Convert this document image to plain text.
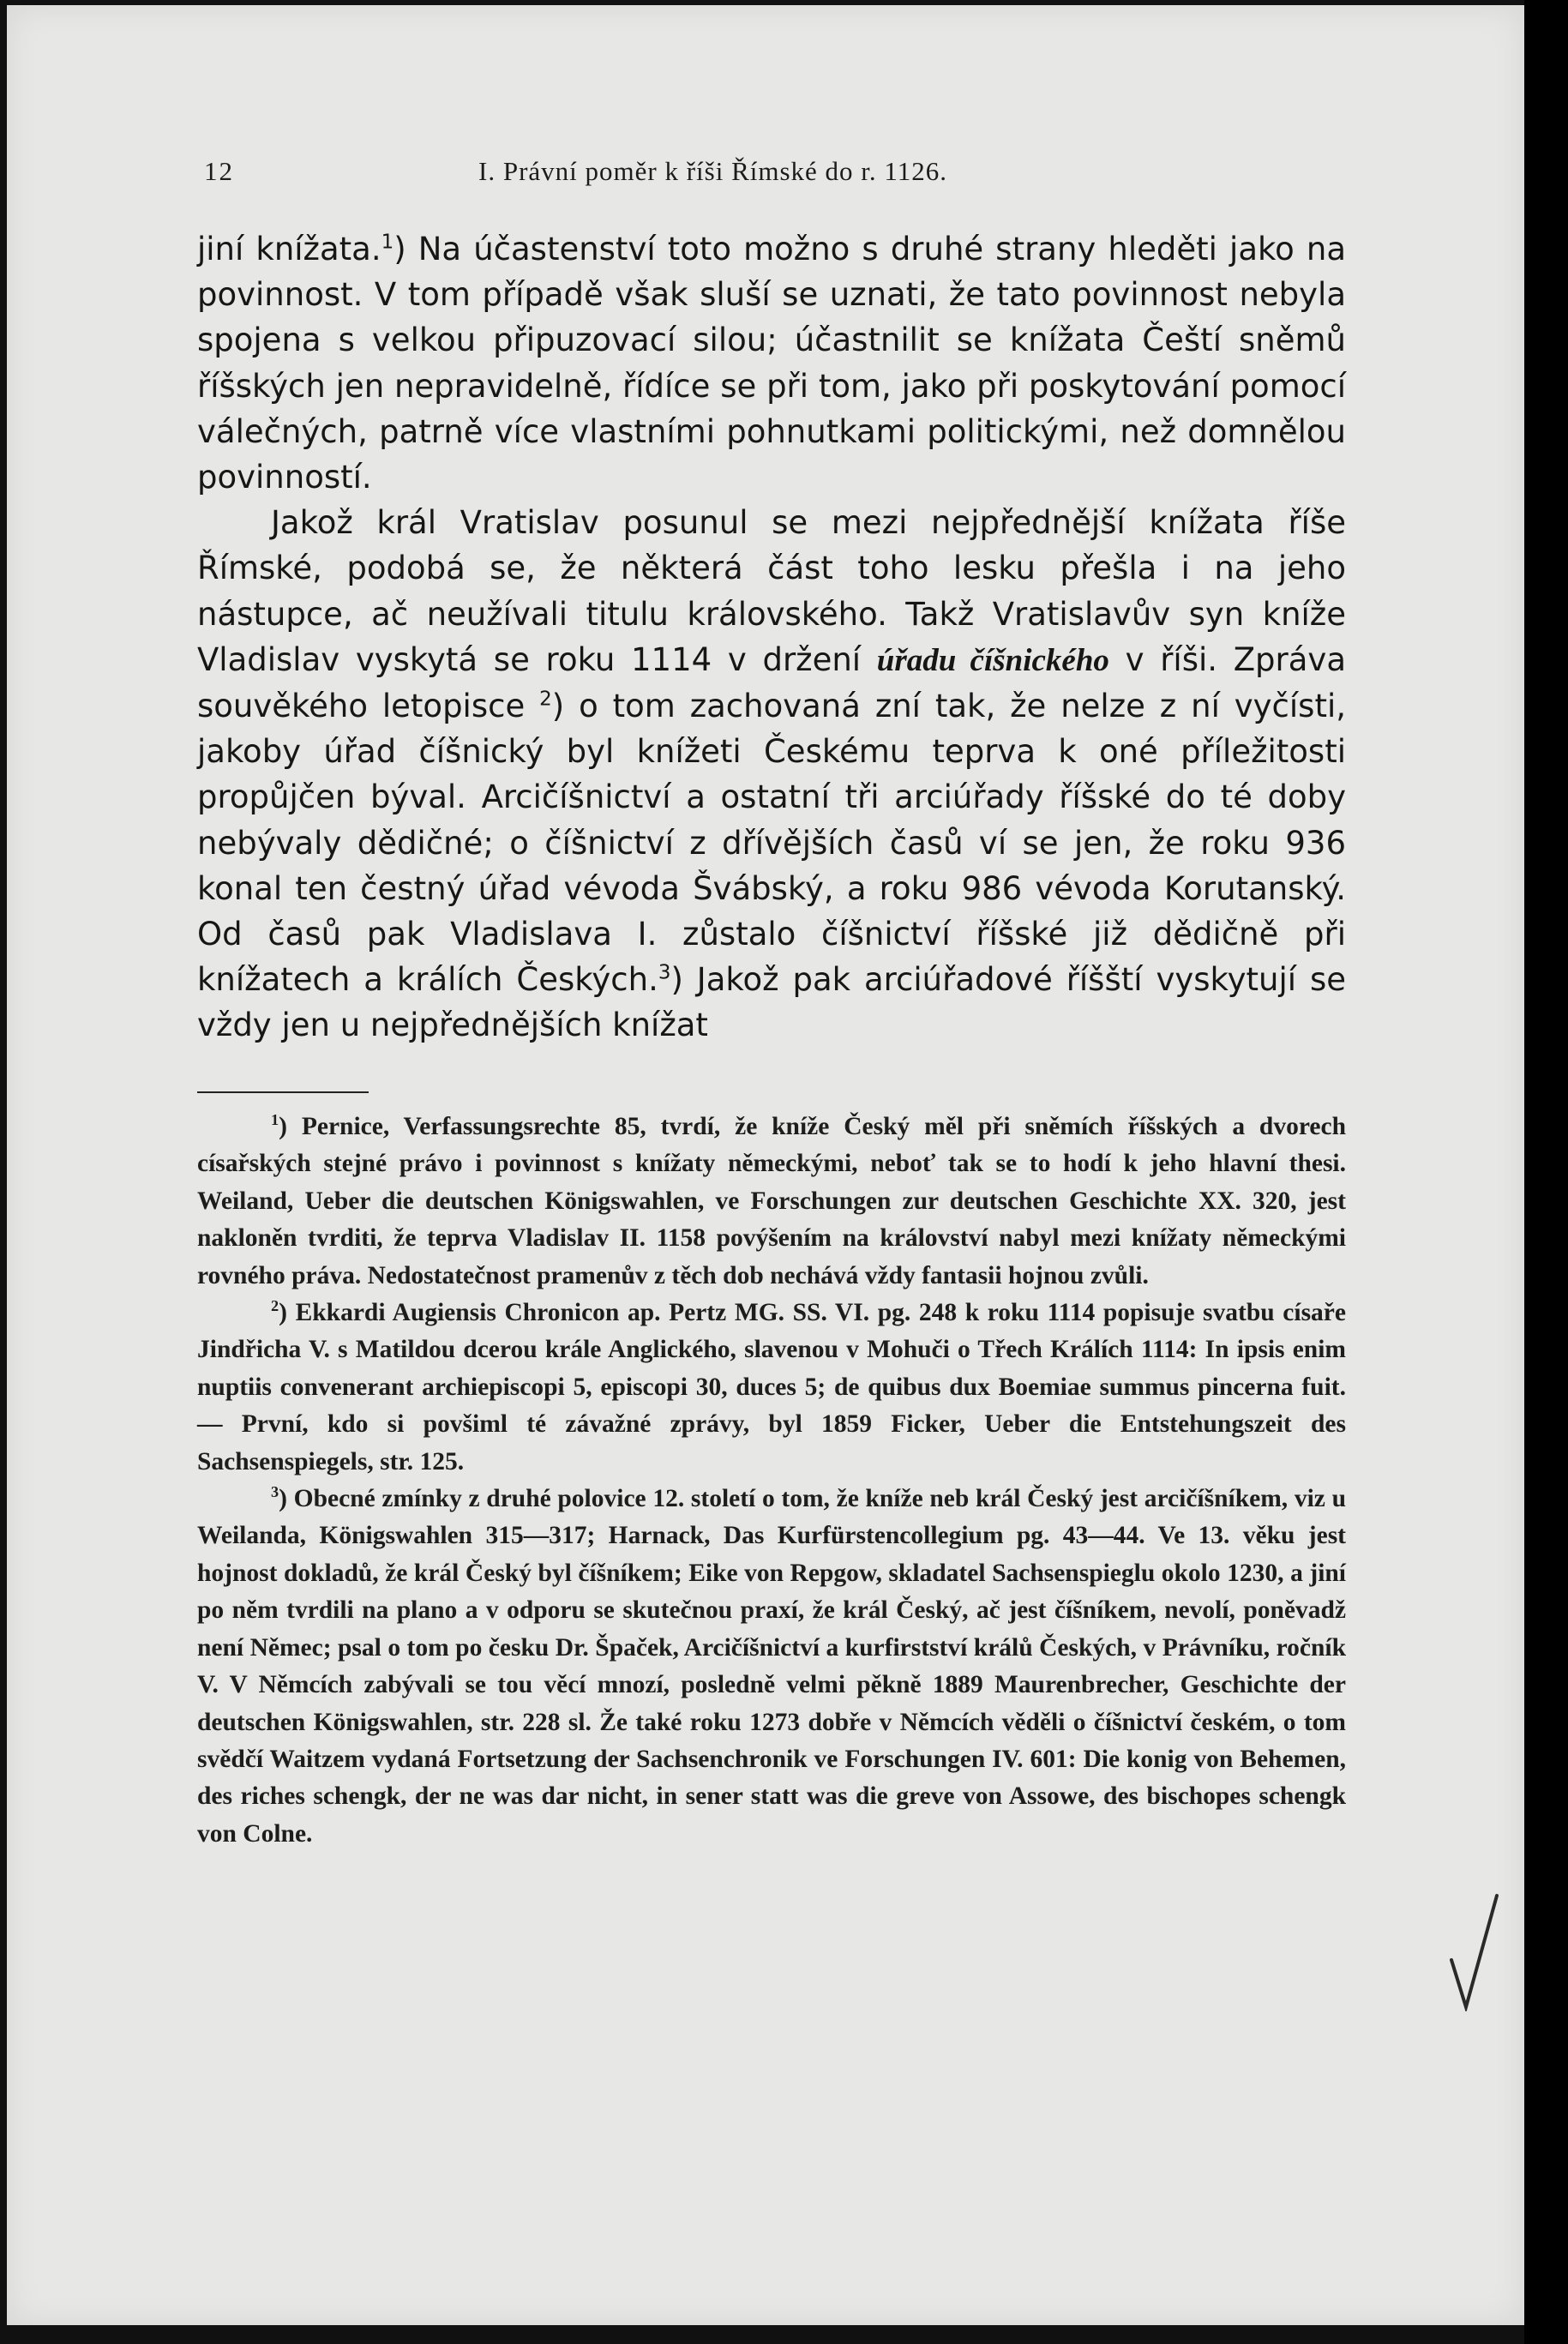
12	I. Právní poměr k říši Římské do r. 1126.

jiní knížata.$^1$) Na účastenství toto možno s druhé strany hleděti jako na povinnost. V tom případě však sluší se uznati, že tato povinnost nebyla spojena s velkou připuzovací silou; účastnilit se knížata Čeští sněmů říšských jen nepravidelně, řídíce se při tom, jako při poskytování pomocí válečných, patrně více vlastními pohnutkami politickými, než domnělou povinností.

Jakož král Vratislav posunul se mezi nejpřednější knížata říše Římské, podobá se, že některá část toho lesku přešla i na jeho nástupce, ač neužívali titulu královského. Takž Vratislavův syn kníže Vladislav vyskytá se roku 1114 v držení úřadu číšnického v říši. Zpráva souvěkého letopisce $^2$) o tom zachovaná zní tak, že nelze z ní vyčísti, jakoby úřad číšnický byl knížeti Českému teprva k oné příležitosti propůjčen býval. Arcičíšnictví a ostatní tři arciúřady říšské do té doby nebývaly dědičné; o číšnictví z dřívějších časů ví se jen, že roku 936 konal ten čestný úřad vévoda Švábský, a roku 986 vévoda Korutanský. Od časů pak Vladislava I. zůstalo číšnictví říšské již dědičně při knížatech a králích Českých.$^3$) Jakož pak arciúřadové říšští vyskytují se vždy jen u nejpřednějších knížat

$^1$) Pernice, Verfassungsrechte 85, tvrdí, že kníže Český měl při sněmích říšských a dvorech císařských stejné právo i povinnost s knížaty německými, neboť tak se to hodí k jeho hlavní thesi. Weiland, Ueber die deutschen Königswahlen, ve Forschungen zur deutschen Geschichte XX. 320, jest nakloněn tvrditi, že teprva Vladislav II. 1158 povýšením na království nabyl mezi knížaty německými rovného práva. Nedostatečnost pramenův z těch dob nechává vždy fantasii hojnou zvůli.

$^2$) Ekkardi Augiensis Chronicon ap. Pertz MG. SS. VI. pg. 248 k roku 1114 popisuje svatbu císaře Jindřicha V. s Matildou dcerou krále Anglického, slavenou v Mohuči o Třech Králích 1114: In ipsis enim nuptiis convenerant archiepiscopi 5, episcopi 30, duces 5; de quibus dux Boemiae summus pincerna fuit. — První, kdo si povšiml té závažné zprávy, byl 1859 Ficker, Ueber die Entstehungszeit des Sachsenspiegels, str. 125.

$^3$) Obecné zmínky z druhé polovice 12. století o tom, že kníže neb král Český jest arcičíšníkem, viz u Weilanda, Königswahlen 315—317; Harnack, Das Kurfürstencollegium pg. 43—44. Ve 13. věku jest hojnost dokladů, že král Český byl číšníkem; Eike von Repgow, skladatel Sachsenspieglu okolo 1230, a jiní po něm tvrdili na plano a v odporu se skutečnou praxí, že král Český, ač jest číšníkem, nevolí, poněvadž není Němec; psal o tom po česku Dr. Špaček, Arcičíšnictví a kurfirstství králů Českých, v Právníku, ročník V. V Němcích zabývali se tou věcí mnozí, posledně velmi pěkně 1889 Maurenbrecher, Geschichte der deutschen Königswahlen, str. 228 sl. Že také roku 1273 dobře v Němcích věděli o číšnictví českém, o tom svědčí Waitzem vydaná Fortsetzung der Sachsenchronik ve Forschungen IV. 601: Die konig von Behemen, des riches schengk, der ne was dar nicht, in sener statt was die greve von Assowe, des bischopes schengk von Colne.
